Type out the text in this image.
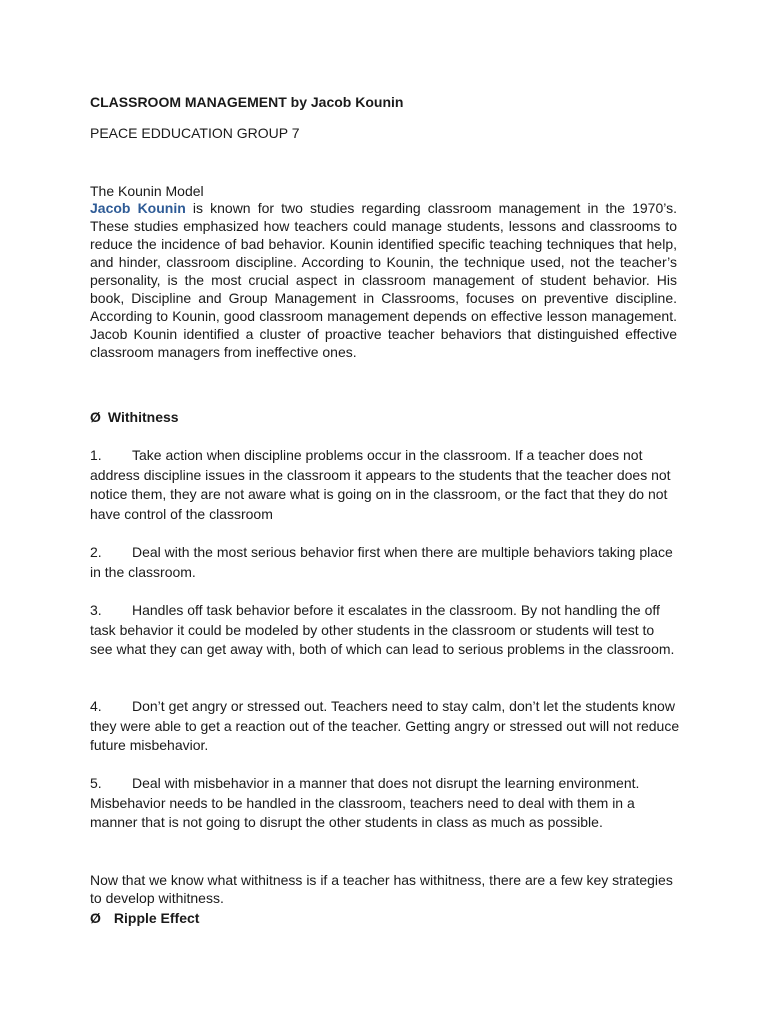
CLASSROOM MANAGEMENT by Jacob Kounin
PEACE EDDUCATION GROUP 7
The Kounin Model
Jacob Kounin is known for two studies regarding classroom management in the 1970’s. These studies emphasized how teachers could manage students, lessons and classrooms to reduce the incidence of bad behavior. Kounin identified specific teaching techniques that help, and hinder, classroom discipline. According to Kounin, the technique used, not the teacher’s personality, is the most crucial aspect in classroom management of student behavior. His book, Discipline and Group Management in Classrooms, focuses on preventive discipline. According to Kounin, good classroom management depends on effective lesson management. Jacob Kounin identified a cluster of proactive teacher behaviors that distinguished effective classroom managers from ineffective ones.
Ø Withitness
1. Take action when discipline problems occur in the classroom. If a teacher does not address discipline issues in the classroom it appears to the students that the teacher does not notice them, they are not aware what is going on in the classroom, or the fact that they do not have control of the classroom
2. Deal with the most serious behavior first when there are multiple behaviors taking place in the classroom.
3. Handles off task behavior before it escalates in the classroom. By not handling the off task behavior it could be modeled by other students in the classroom or students will test to see what they can get away with, both of which can lead to serious problems in the classroom.
4. Don’t get angry or stressed out. Teachers need to stay calm, don’t let the students know they were able to get a reaction out of the teacher. Getting angry or stressed out will not reduce future misbehavior.
5. Deal with misbehavior in a manner that does not disrupt the learning environment. Misbehavior needs to be handled in the classroom, teachers need to deal with them in a manner that is not going to disrupt the other students in class as much as possible.
Now that we know what withitness is if a teacher has withitness, there are a few key strategies to develop withitness.
Ø Ripple Effect
